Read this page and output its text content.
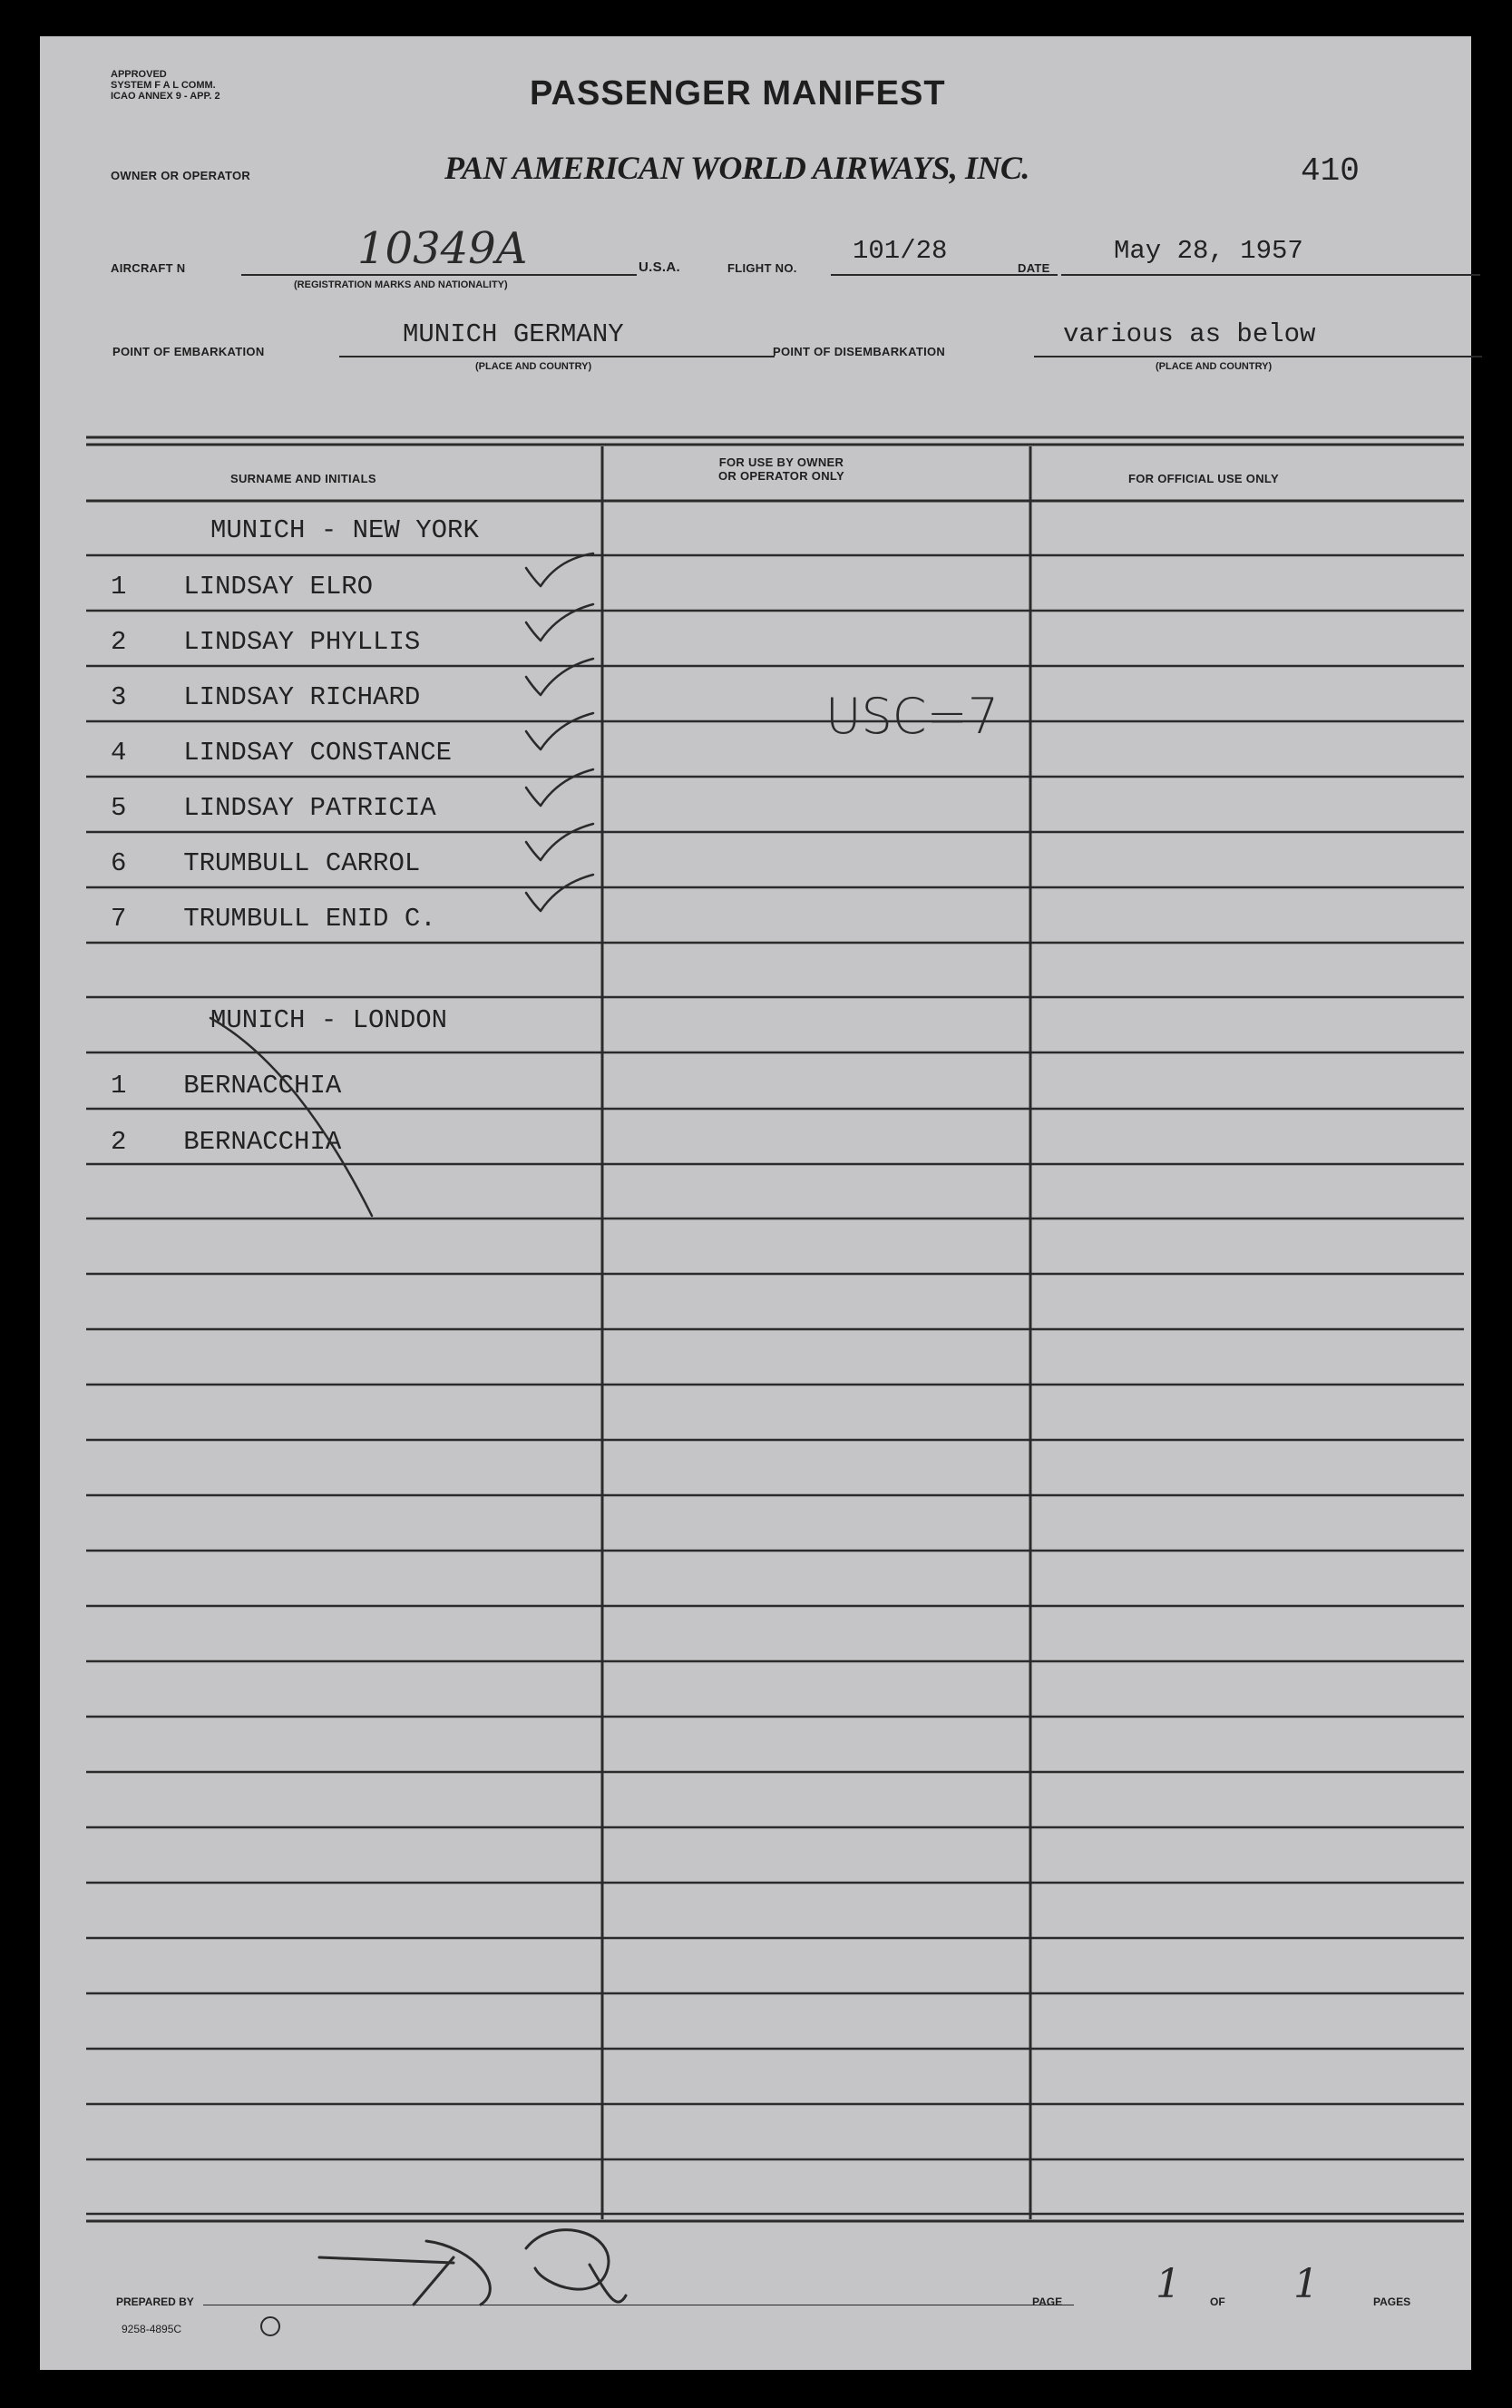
APPROVED
SYSTEM F A L COMM.
ICAO ANNEX 9 - APP. 2	PASSENGER MANIFEST
410
OWNER OR OPERATOR	PAN AMERICAN WORLD AIRWAYS, INC.
AIRCRAFT N	10349A
(REGISTRATION MARKS AND NATIONALITY)
U.S.A.	FLIGHT NO.
101/28
DATE
May 28, 1957
POINT OF EMBARKATION
MUNICH GERMANY
(PLACE AND COUNTRY)
POINT OF DISEMBARKATION
various as below
(PLACE AND COUNTRY)
SURNAME AND INITIALS
FOR USE BY OWNER
OR OPERATOR ONLY	FOR OFFICIAL USE ONLY
MUNICH - NEW YORK
1 LINDSAY ELRO
2 LINDSAY PHYLLIS
3 LINDSAY RICHARD
4 LINDSAY CONSTANCE
5 LINDSAY PATRICIA
6 TRUMBULL CARROL
7 TRUMBULL ENID C.
MUNICH - LONDON
1 BERNACCHIA
2 BERNACCHIA
USC=7
PREPARED BY
9258-4895C
PAGE 1	OF 1	PAGES
